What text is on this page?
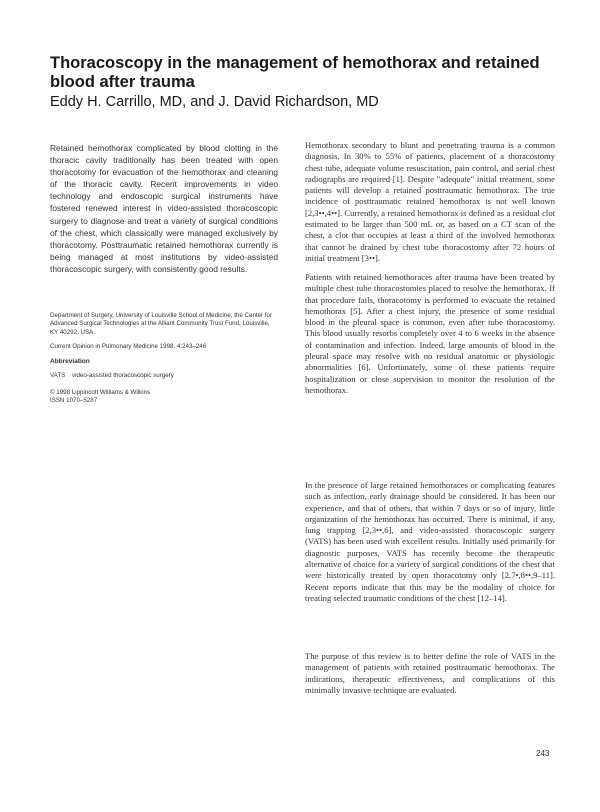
Thoracoscopy in the management of hemothorax and retained blood after trauma
Eddy H. Carrillo, MD, and J. David Richardson, MD

Retained hemothorax complicated by blood clotting in the thoracic cavity traditionally has been treated with open thoracotomy for evacuation of the hemothorax and cleaning of the thoracic cavity. Recent improvements in video technology and endoscopic surgical instruments have fostered renewed interest in video-assisted thoracoscopic surgery to diagnose and treat a variety of surgical conditions of the chest, which classically were managed exclusively by thoracotomy. Posttraumatic retained hemothorax currently is being managed at most institutions by video-assisted thoracoscopic surgery, with consistently good results.

Department of Surgery, University of Louisville School of Medicine, the Center for Advanced Surgical Technologies at the Alliant Community Trust Fund, Louisville, KY 40292, USA.

Current Opinion in Pulmonary Medicine 1998, 4:243–246

Abbreviation

VATS video-assisted thoracoscopic surgery

© 1998 Lippincott Williams & Wilkins
ISSN 1070–5287

Hemothorax secondary to blunt and penetrating trauma is a common diagnosis. In 30% to 55% of patients, placement of a thoracostomy chest tube, adequate volume resuscitation, pain control, and serial chest radiographs are required [1]. Despite "adequate" initial treatment, some patients will develop a retained posttraumatic hemothorax. The true incidence of posttraumatic retained hemothorax is not well known [2,3••,4••]. Currently, a retained hemothorax is defined as a residual clot estimated to be larger than 500 mL or, as based on a CT scan of the chest, a clot that occupies at least a third of the involved hemothorax that cannot be drained by chest tube thoracostomy after 72 hours of initial treatment [3••].

Patients with retained hemothoraces after trauma have been treated by multiple chest tube thoracostomies placed to resolve the hemothorax. If that procedure fails, thoracotomy is performed to evacuate the retained hemothorax [5]. After a chest injury, the presence of some residual blood in the pleural space is common, even after tube thoracostomy. This blood usually resorbs completely over 4 to 6 weeks in the absence of contamination and infection. Indeed, large amounts of blood in the pleural space may resolve with no residual anatomic or physiologic abnormalities [6]. Unfortunately, some of these patients require hospitalization or close supervision to monitor the resolution of the hemothorax.

In the presence of large retained hemothoraces or complicating features such as infection, early drainage should be considered. It has been our experience, and that of others, that within 7 days or so of injury, little organization of the hemothorax has occurred. There is minimal, if any, lung trapping [2,3••,6], and video-assisted thoracoscopic surgery (VATS) has been used with excellent results. Initially used primarily for diagnostic purposes, VATS has recently become the therapeutic alternative of choice for a variety of surgical conditions of the chest that were historically treated by open thoracotomy only [2,7•,8••,9–11]. Recent reports indicate that this may be the modality of choice for treating selected traumatic conditions of the chest [12–14].

The purpose of this review is to better define the role of VATS in the management of patients with retained posttraumatic hemothorax. The indications, therapeutic effectiveness, and complications of this minimally invasive technique are evaluated.

243
